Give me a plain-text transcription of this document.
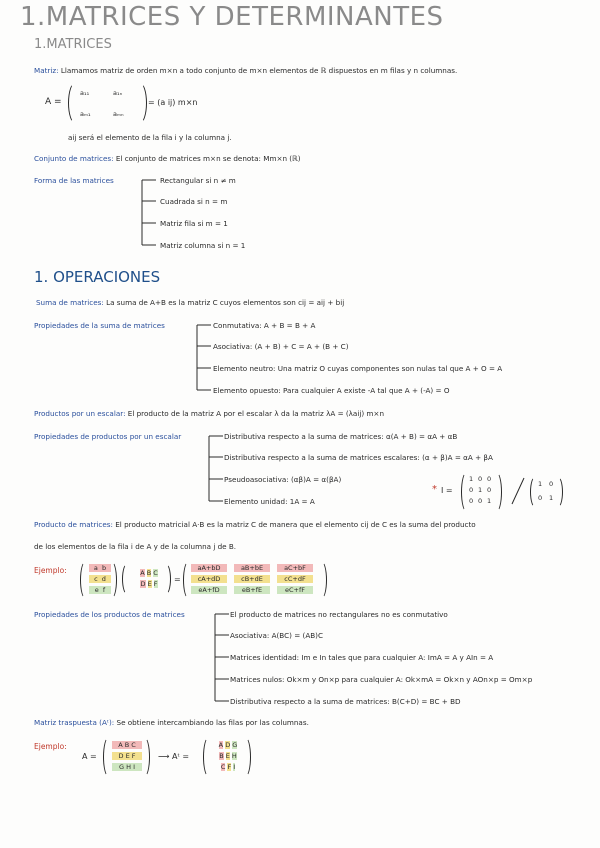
1.MATRICES Y DETERMINANTES
1.MATRICES
Matriz: Llamamos matriz de orden m×n a todo conjunto de m×n elementos de ℝ dispuestos en m filas y n columnas.
A =
a₁₁	a₁ₙ
aₘ₁	aₘₙ
= (a ij) m×n
aij será el elemento de la fila i y la columna j.
Conjunto de matrices: El conjunto de matrices m×n se denota: Mm×n (ℝ)
Forma de las matrices	Rectangular si n ≠ m
Cuadrada si n = m
Matriz fila si m = 1
Matriz columna si n = 1
1. OPERACIONES
Suma de matrices: La suma de A+B es la matriz C cuyos elementos son cij = aij + bij
Propiedades de la suma de matrices	Conmutativa: A + B = B + A
Asociativa: (A + B) + C = A + (B + C)
Elemento neutro: Una matriz O cuyas componentes son nulas tal que A + O = A
Elemento opuesto: Para cualquier A existe -A tal que A + (-A) = O
Productos por un escalar: El producto de la matriz A por el escalar λ da la matriz λA = (λaij) m×n
Propiedades de productos por un escalar	Distributiva respecto a la suma de matrices: α(A + B) = αA + αB
Distributiva respecto a la suma de matrices escalares: (α + β)A = αA + βA
Pseudoasociativa: (αβ)A = α(βA)
Elemento unidad: 1A = A
* I =
1 0 0
0 1 0
0 0 1
1 0
0 1
Producto de matrices: El producto matricial A·B es la matriz C de manera que el elemento cij de C es la suma del producto
de los elementos de la fila i de A y de la columna j de B.
Ejemplo:	a b
c d
e f
A B C
D E F	=
aA+bD	aB+bE	aC+bF
cA+dD	cB+dE	cC+dF
eA+fD	eB+fE	eC+fF
Propiedades de los productos de matrices	El producto de matrices no rectangulares no es conmutativo
Asociativa: A(BC) = (AB)C
Matrices identidad: Im e In tales que para cualquier A: ImA = A y AIn = A
Matrices nulos: Ok×m y On×p para cualquier A: Ok×mA = Ok×n y AOn×p = Om×p
Distributiva respecto a la suma de matrices: B(C+D) = BC + BD
Matriz traspuesta (Aᵗ): Se obtiene intercambiando las filas por las columnas.
Ejemplo:
A =
A B C
D E F
G H I
⟶ Aᵗ =
A D G
B E H
C F I
